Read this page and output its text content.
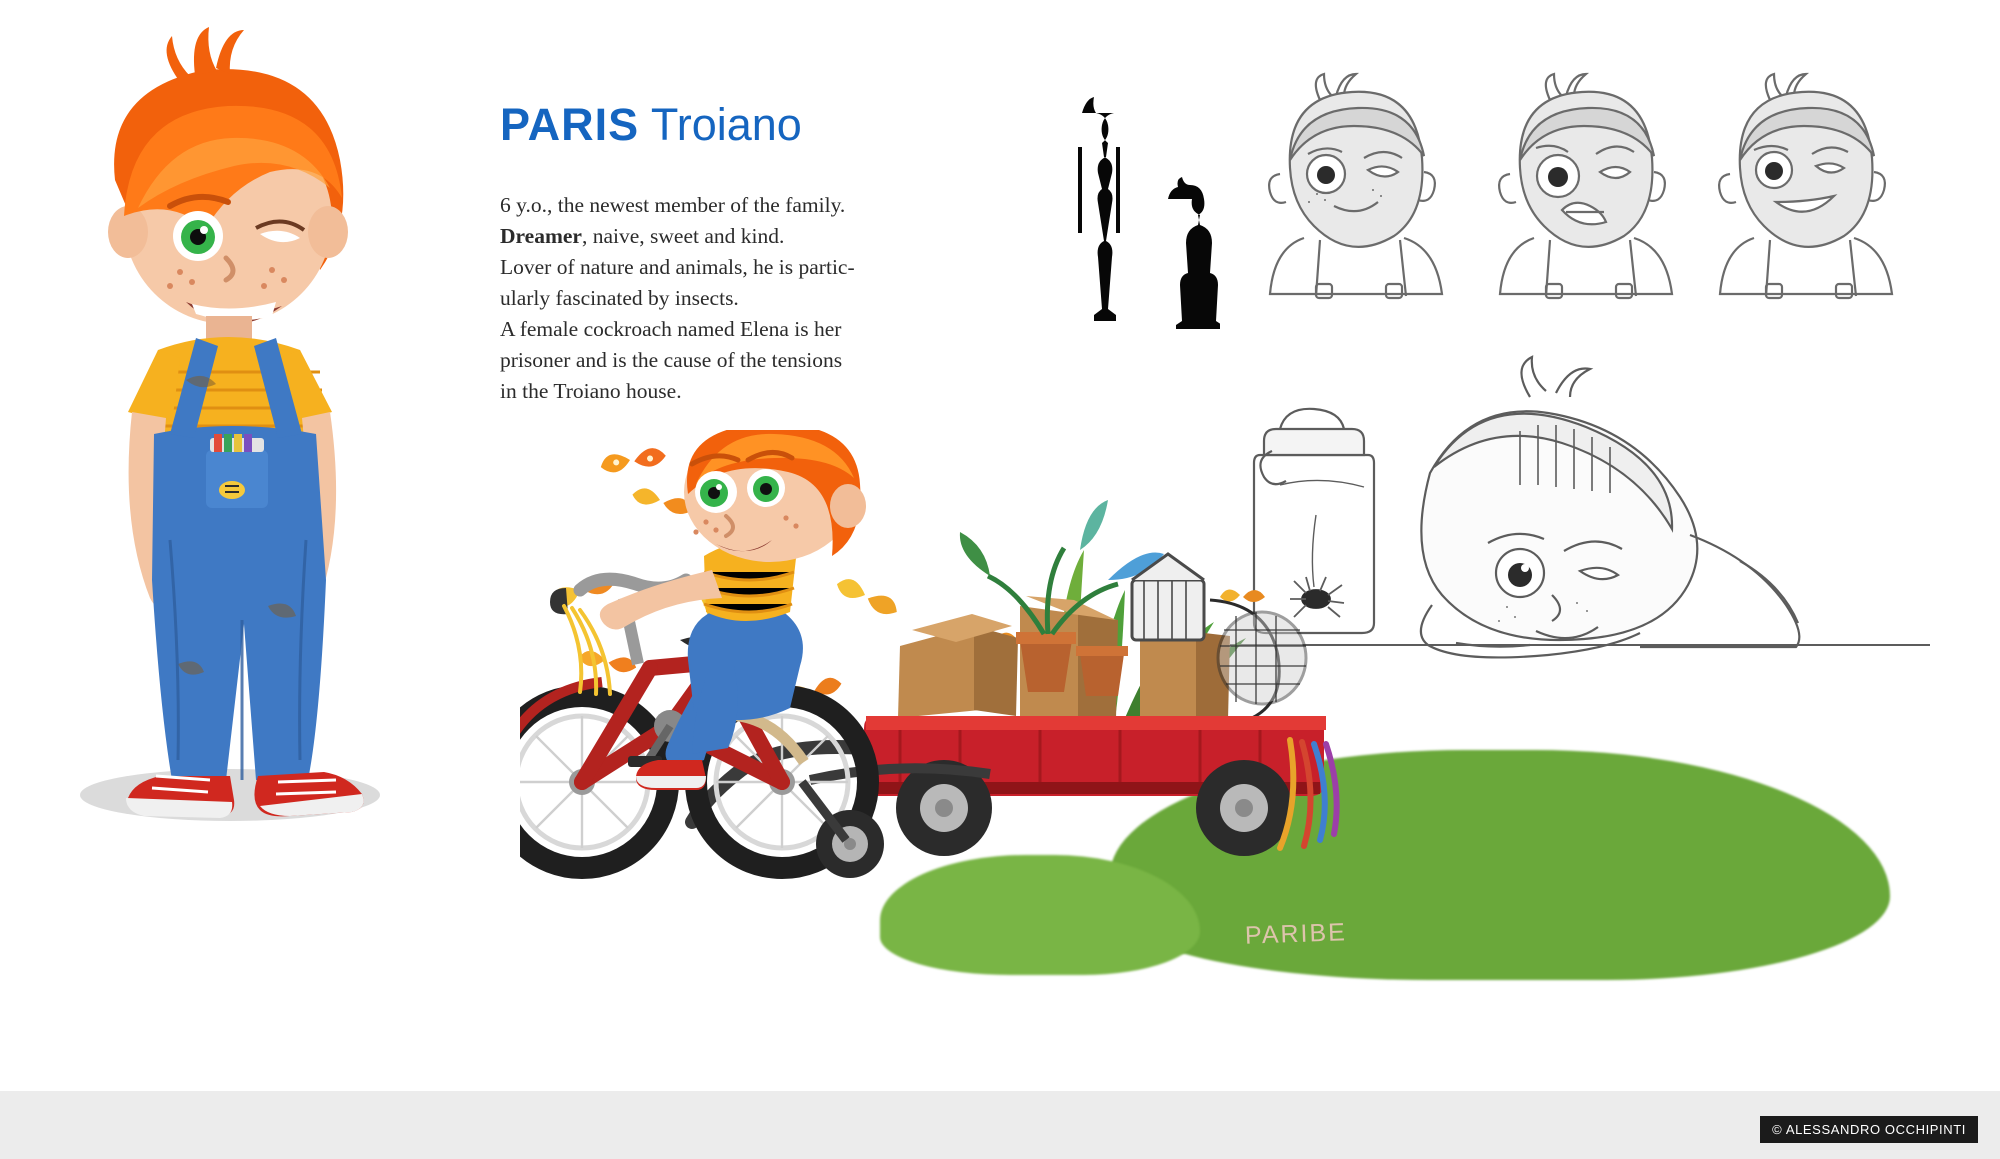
PARIS Troiano

6 y.o., the newest member of the family.

Dreamer, naive, sweet and kind.

Lover of nature and animals, he is partic-

ularly fascinated by insects.

A female cockroach named Elena is her

prisoner and is the cause of the tensions

in the Troiano house.

PARIBE
© ALESSANDRO OCCHIPINTI
